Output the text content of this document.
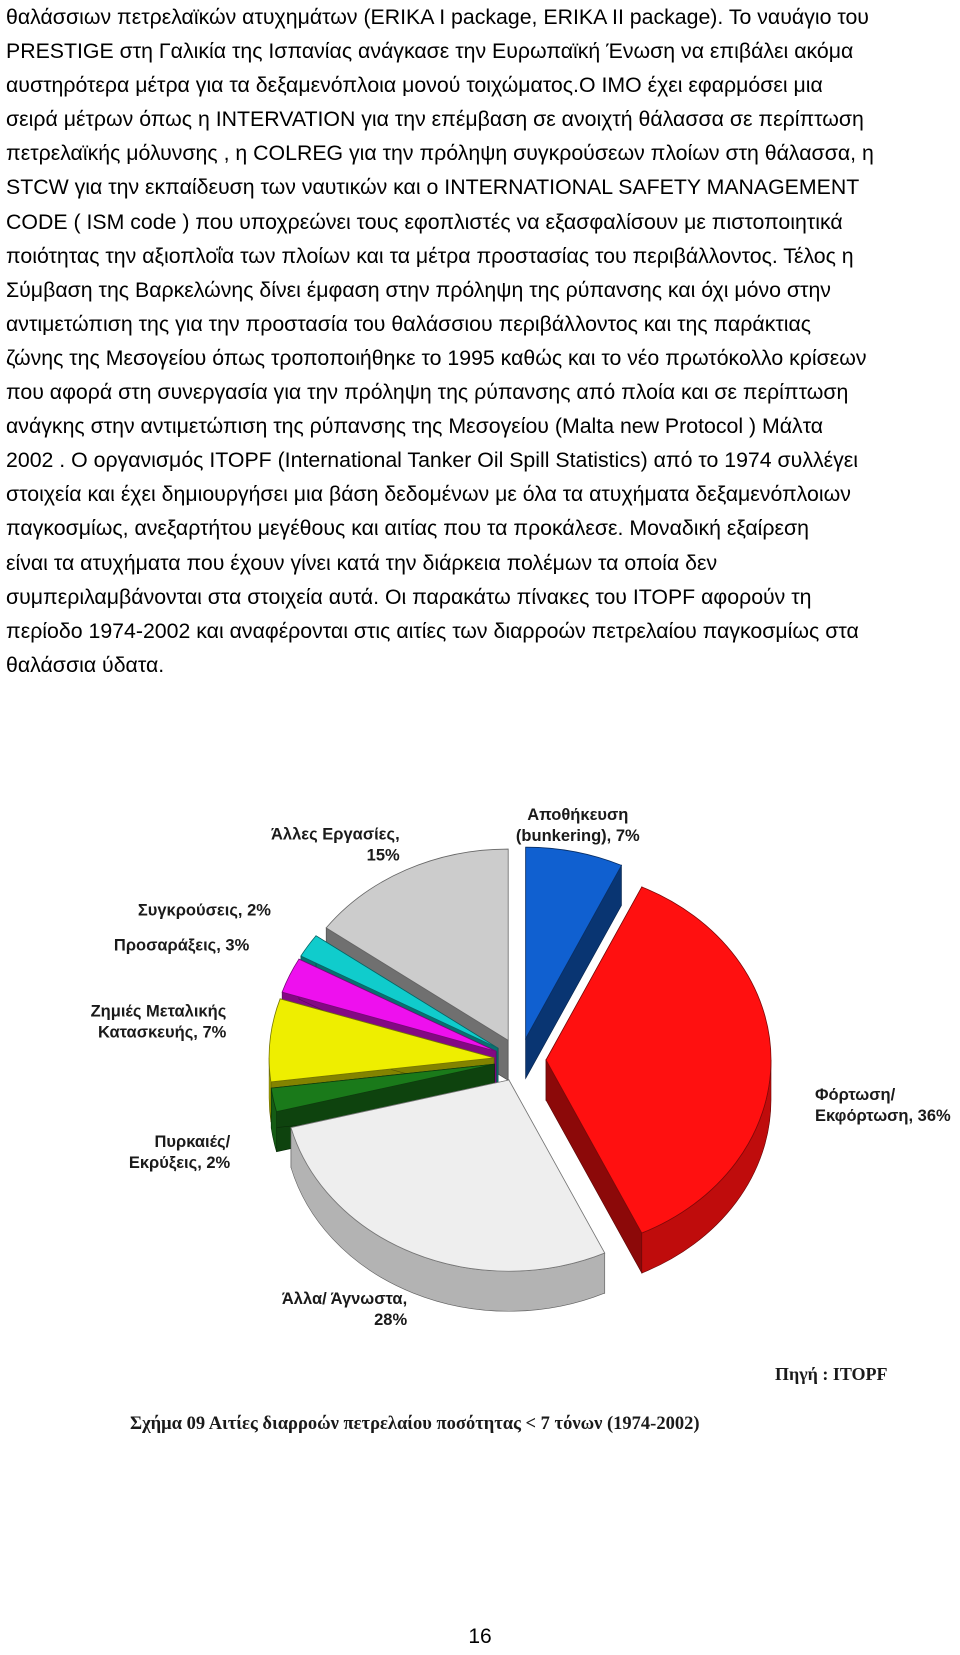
θαλάσσιων πετρελαϊκών ατυχημάτων (ERIKA I package, ERIKA II package). Το ναυάγιο του
PRESTIGE στη Γαλικία της Ισπανίας ανάγκασε την Ευρωπαϊκή Ένωση να επιβάλει ακόμα
αυστηρότερα μέτρα για τα δεξαμενόπλοια μονού τοιχώματος.Ο ΙΜΟ έχει εφαρμόσει μια
σειρά μέτρων όπως η INTERVATION για την επέμβαση σε ανοιχτή θάλασσα σε περίπτωση
πετρελαϊκής μόλυνσης , η COLREG για την πρόληψη συγκρούσεων πλοίων στη θάλασσα, η
STCW για την εκπαίδευση των ναυτικών και ο INTERNATIONAL SAFETY MANAGEMENT
CODE ( ISM code ) που υποχρεώνει τους εφοπλιστές να εξασφαλίσουν με πιστοποιητικά
ποιότητας την αξιοπλοΐα των πλοίων και τα μέτρα προστασίας του περιβάλλοντος. Τέλος η
Σύμβαση της Βαρκελώνης δίνει έμφαση στην πρόληψη της ρύπανσης και όχι μόνο στην
αντιμετώπιση της για την προστασία του θαλάσσιου περιβάλλοντος και της παράκτιας
ζώνης της Μεσογείου όπως τροποποιήθηκε το 1995 καθώς και το νέο πρωτόκολλο κρίσεων
που αφορά στη συνεργασία για την πρόληψη της ρύπανσης από πλοία και σε περίπτωση
ανάγκης στην αντιμετώπιση της ρύπανσης της Μεσογείου (Malta new Protocol ) Μάλτα
2002 . Ο οργανισμός ITOPF (International Tanker Oil Spill Statistics) από το 1974 συλλέγει
στοιχεία και έχει δημιουργήσει μια βάση δεδομένων με όλα τα ατυχήματα δεξαμενόπλοιων
παγκοσμίως, ανεξαρτήτου μεγέθους και αιτίας που τα προκάλεσε. Μοναδική εξαίρεση
είναι τα ατυχήματα που έχουν γίνει κατά την διάρκεια πολέμων τα οποία δεν
συμπεριλαμβάνονται στα στοιχεία αυτά. Οι παρακάτω πίνακες του ITOPF αφορούν τη
περίοδο 1974-2002 και αναφέρονται στις αιτίες των διαρροών πετρελαίου παγκοσμίως στα
θαλάσσια ύδατα.
Αποθήκευση (bunkering), 7%
Φόρτωση/ Εκφόρτωση, 36%
Άλλα/ Άγνωστα, 28%
Πυρκαιές/ Εκρύξεις, 2%
Ζημιές Μεταλικής Κατασκευής, 7%
Προσαράξεις, 3%
Συγκρούσεις, 2%
Άλλες Εργασίες, 15%
Πηγή : ΙΤΟΡF
Σχήμα 09 Αιτίες διαρροών πετρελαίου ποσότητας < 7 τόνων (1974-2002)
16
